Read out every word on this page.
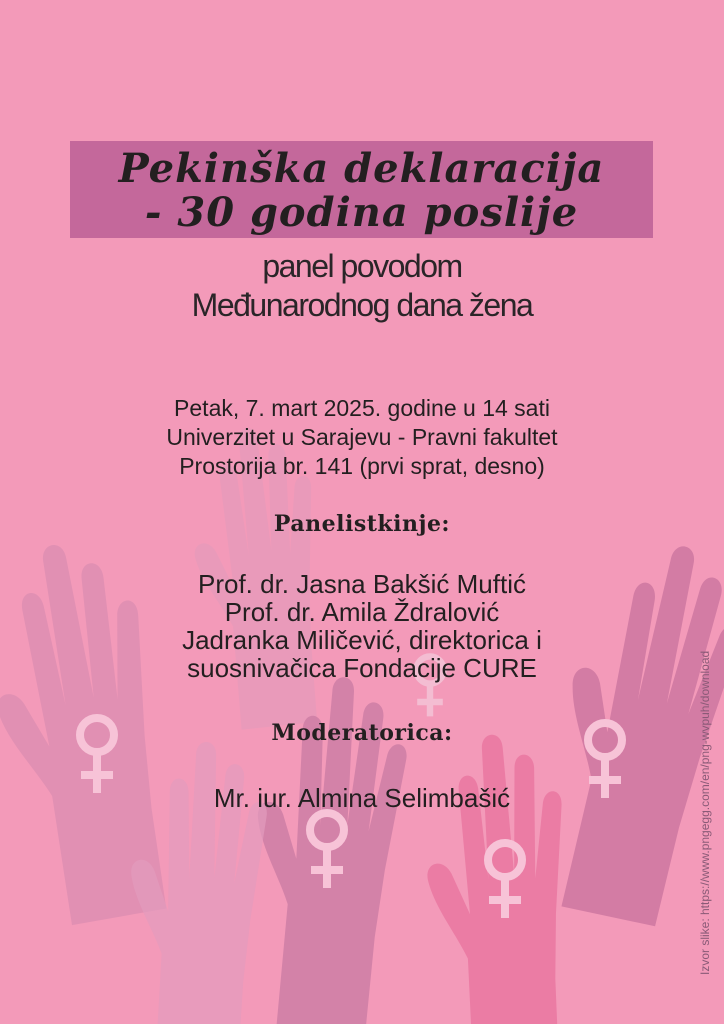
Pekinška deklaracija
- 30 godina poslije
panel povodom
Međunarodnog dana žena
Petak, 7. mart 2025. godine u 14 sati
Univerzitet u Sarajevu - Pravni fakultet
Prostorija br. 141 (prvi sprat, desno)
Panelistkinje:
Prof. dr. Jasna Bakšić Muftić
Prof. dr. Amila Ždralović
Jadranka Miličević, direktorica i
suosnivačica Fondacije CURE
Moderatorica:
Mr. iur. Almina Selimbašić	Izvor slike: https://www.pngegg.com/en/png-wvpuh/download
